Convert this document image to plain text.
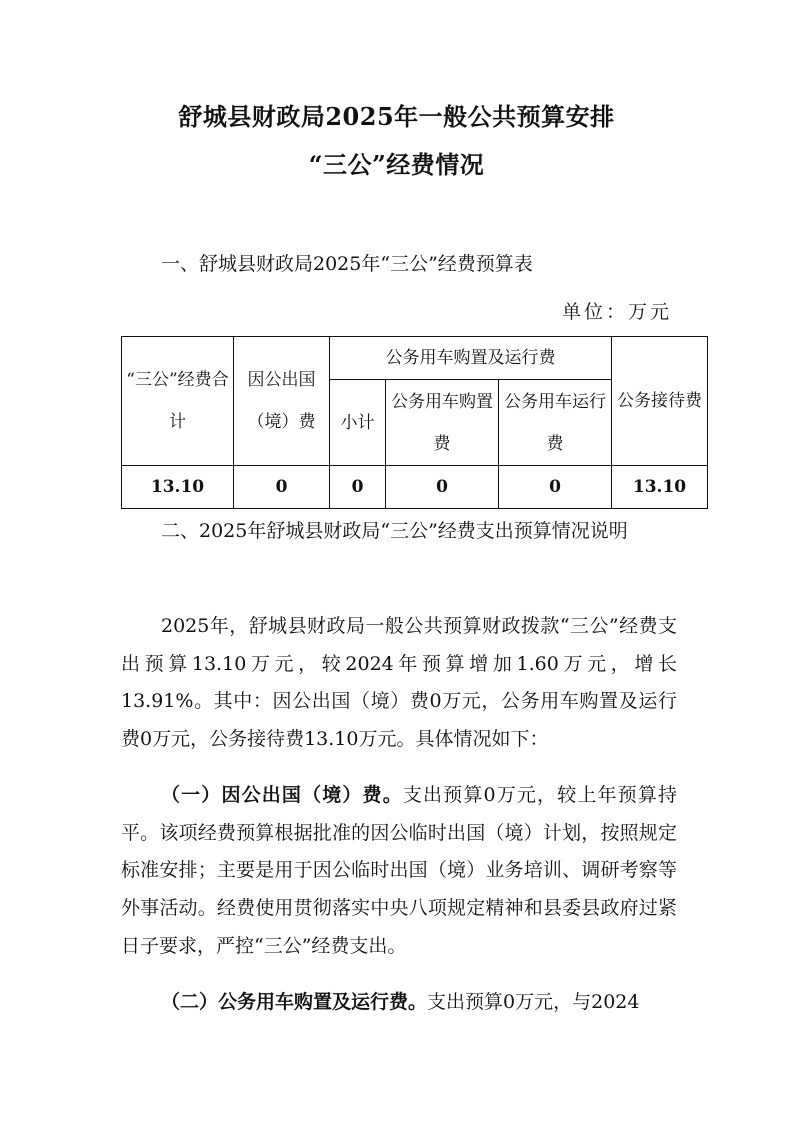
舒城县财政局2025年一般公共预算安排
“三公”经费情况
一、舒城县财政局2025年“三公”经费预算表
单位：万元
“三公”经费合计	因公出国（境）费	公务用车购置及运行费			公务接待费
		小计	公务用车购置费	公务用车运行费	
13.10	0	0	0	0	13.10
二、2025年舒城县财政局“三公”经费支出预算情况说明
2025年，舒城县财政局一般公共预算财政拨款“三公”经费支出预算13.10万元，较2024年预算增加1.60万元，增长13.91%。其中：因公出国（境）费0万元，公务用车购置及运行费0万元，公务接待费13.10万元。具体情况如下：
（一）因公出国（境）费。支出预算0万元，较上年预算持平。该项经费预算根据批准的因公临时出国（境）计划，按照规定标准安排；主要是用于因公临时出国（境）业务培训、调研考察等外事活动。经费使用贯彻落实中央八项规定精神和县委县政府过紧日子要求，严控“三公”经费支出。
（二）公务用车购置及运行费。支出预算0万元，与2024
